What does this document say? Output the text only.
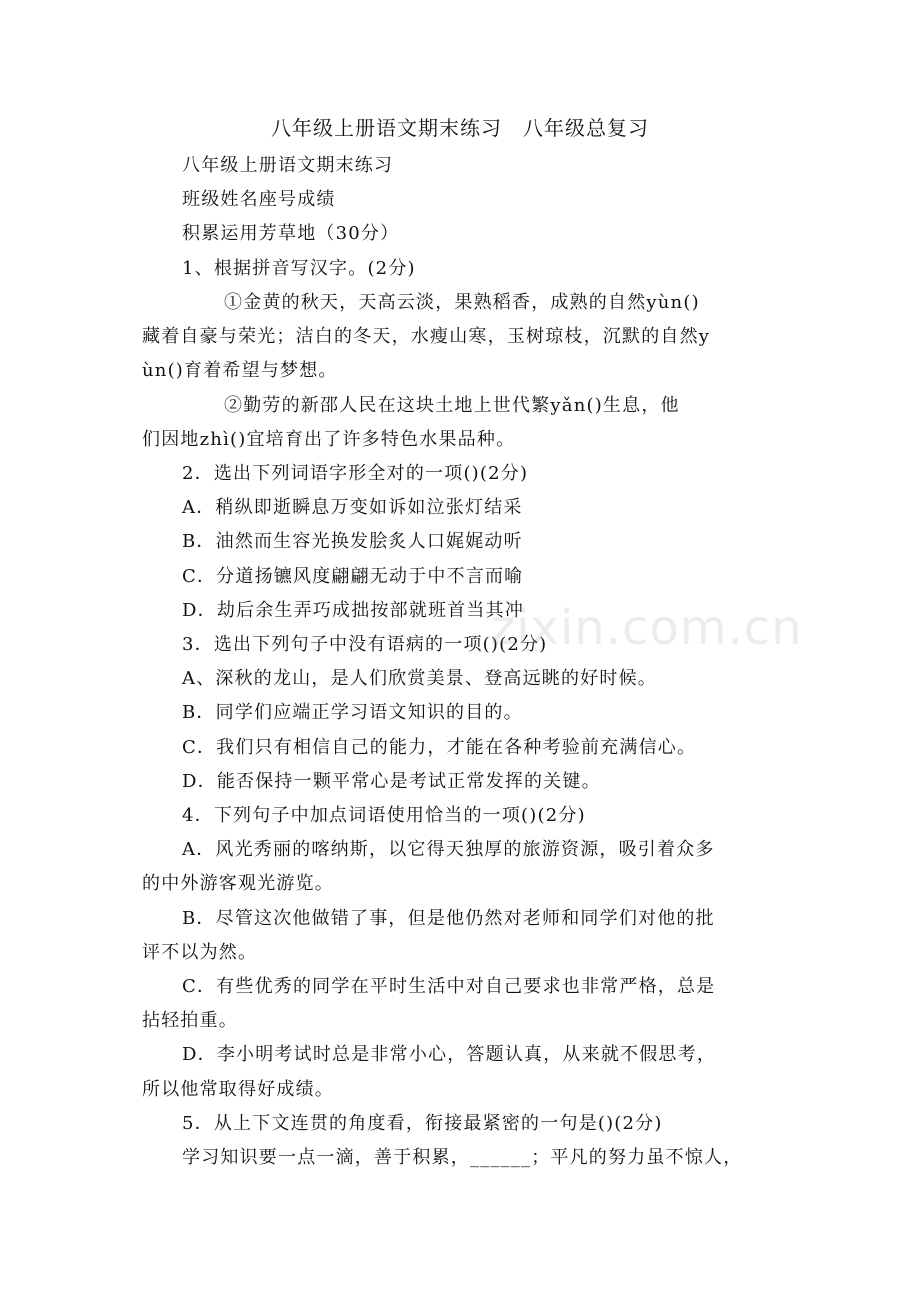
八年级上册语文期末练习　八年级总复习

八年级上册语文期末练习

班级姓名座号成绩

积累运用芳草地（30分）

1、根据拼音写汉字。(2分)

①金黄的秋天，天高云淡，果熟稻香，成熟的自然yùn()

藏着自豪与荣光；洁白的冬天，水瘦山寒，玉树琼枝，沉默的自然y

ùn()育着希望与梦想。

②勤劳的新邵人民在这块土地上世代繁yǎn()生息，他

们因地zhì()宜培育出了许多特色水果品种。

2．选出下列词语字形全对的一项()(2分)

A．稍纵即逝瞬息万变如诉如泣张灯结采

B．油然而生容光换发脍炙人口娓娓动听

C．分道扬镳风度翩翩无动于中不言而喻

D．劫后余生弄巧成拙按部就班首当其冲

3．选出下列句子中没有语病的一项()(2分)

A、深秋的龙山，是人们欣赏美景、登高远眺的好时候。

B．同学们应端正学习语文知识的目的。

C．我们只有相信自己的能力，才能在各种考验前充满信心。

D．能否保持一颗平常心是考试正常发挥的关键。

4．下列句子中加点词语使用恰当的一项()(2分)

A．风光秀丽的喀纳斯，以它得天独厚的旅游资源，吸引着众多

的中外游客观光游览。

B．尽管这次他做错了事，但是他仍然对老师和同学们对他的批

评不以为然。

C．有些优秀的同学在平时生活中对自己要求也非常严格，总是

拈轻拍重。

D．李小明考试时总是非常小心，答题认真，从来就不假思考，

所以他常取得好成绩。

5．从上下文连贯的角度看，衔接最紧密的一句是()(2分)

学习知识要一点一滴，善于积累，______；平凡的努力虽不惊人，

zixin.com.cn
